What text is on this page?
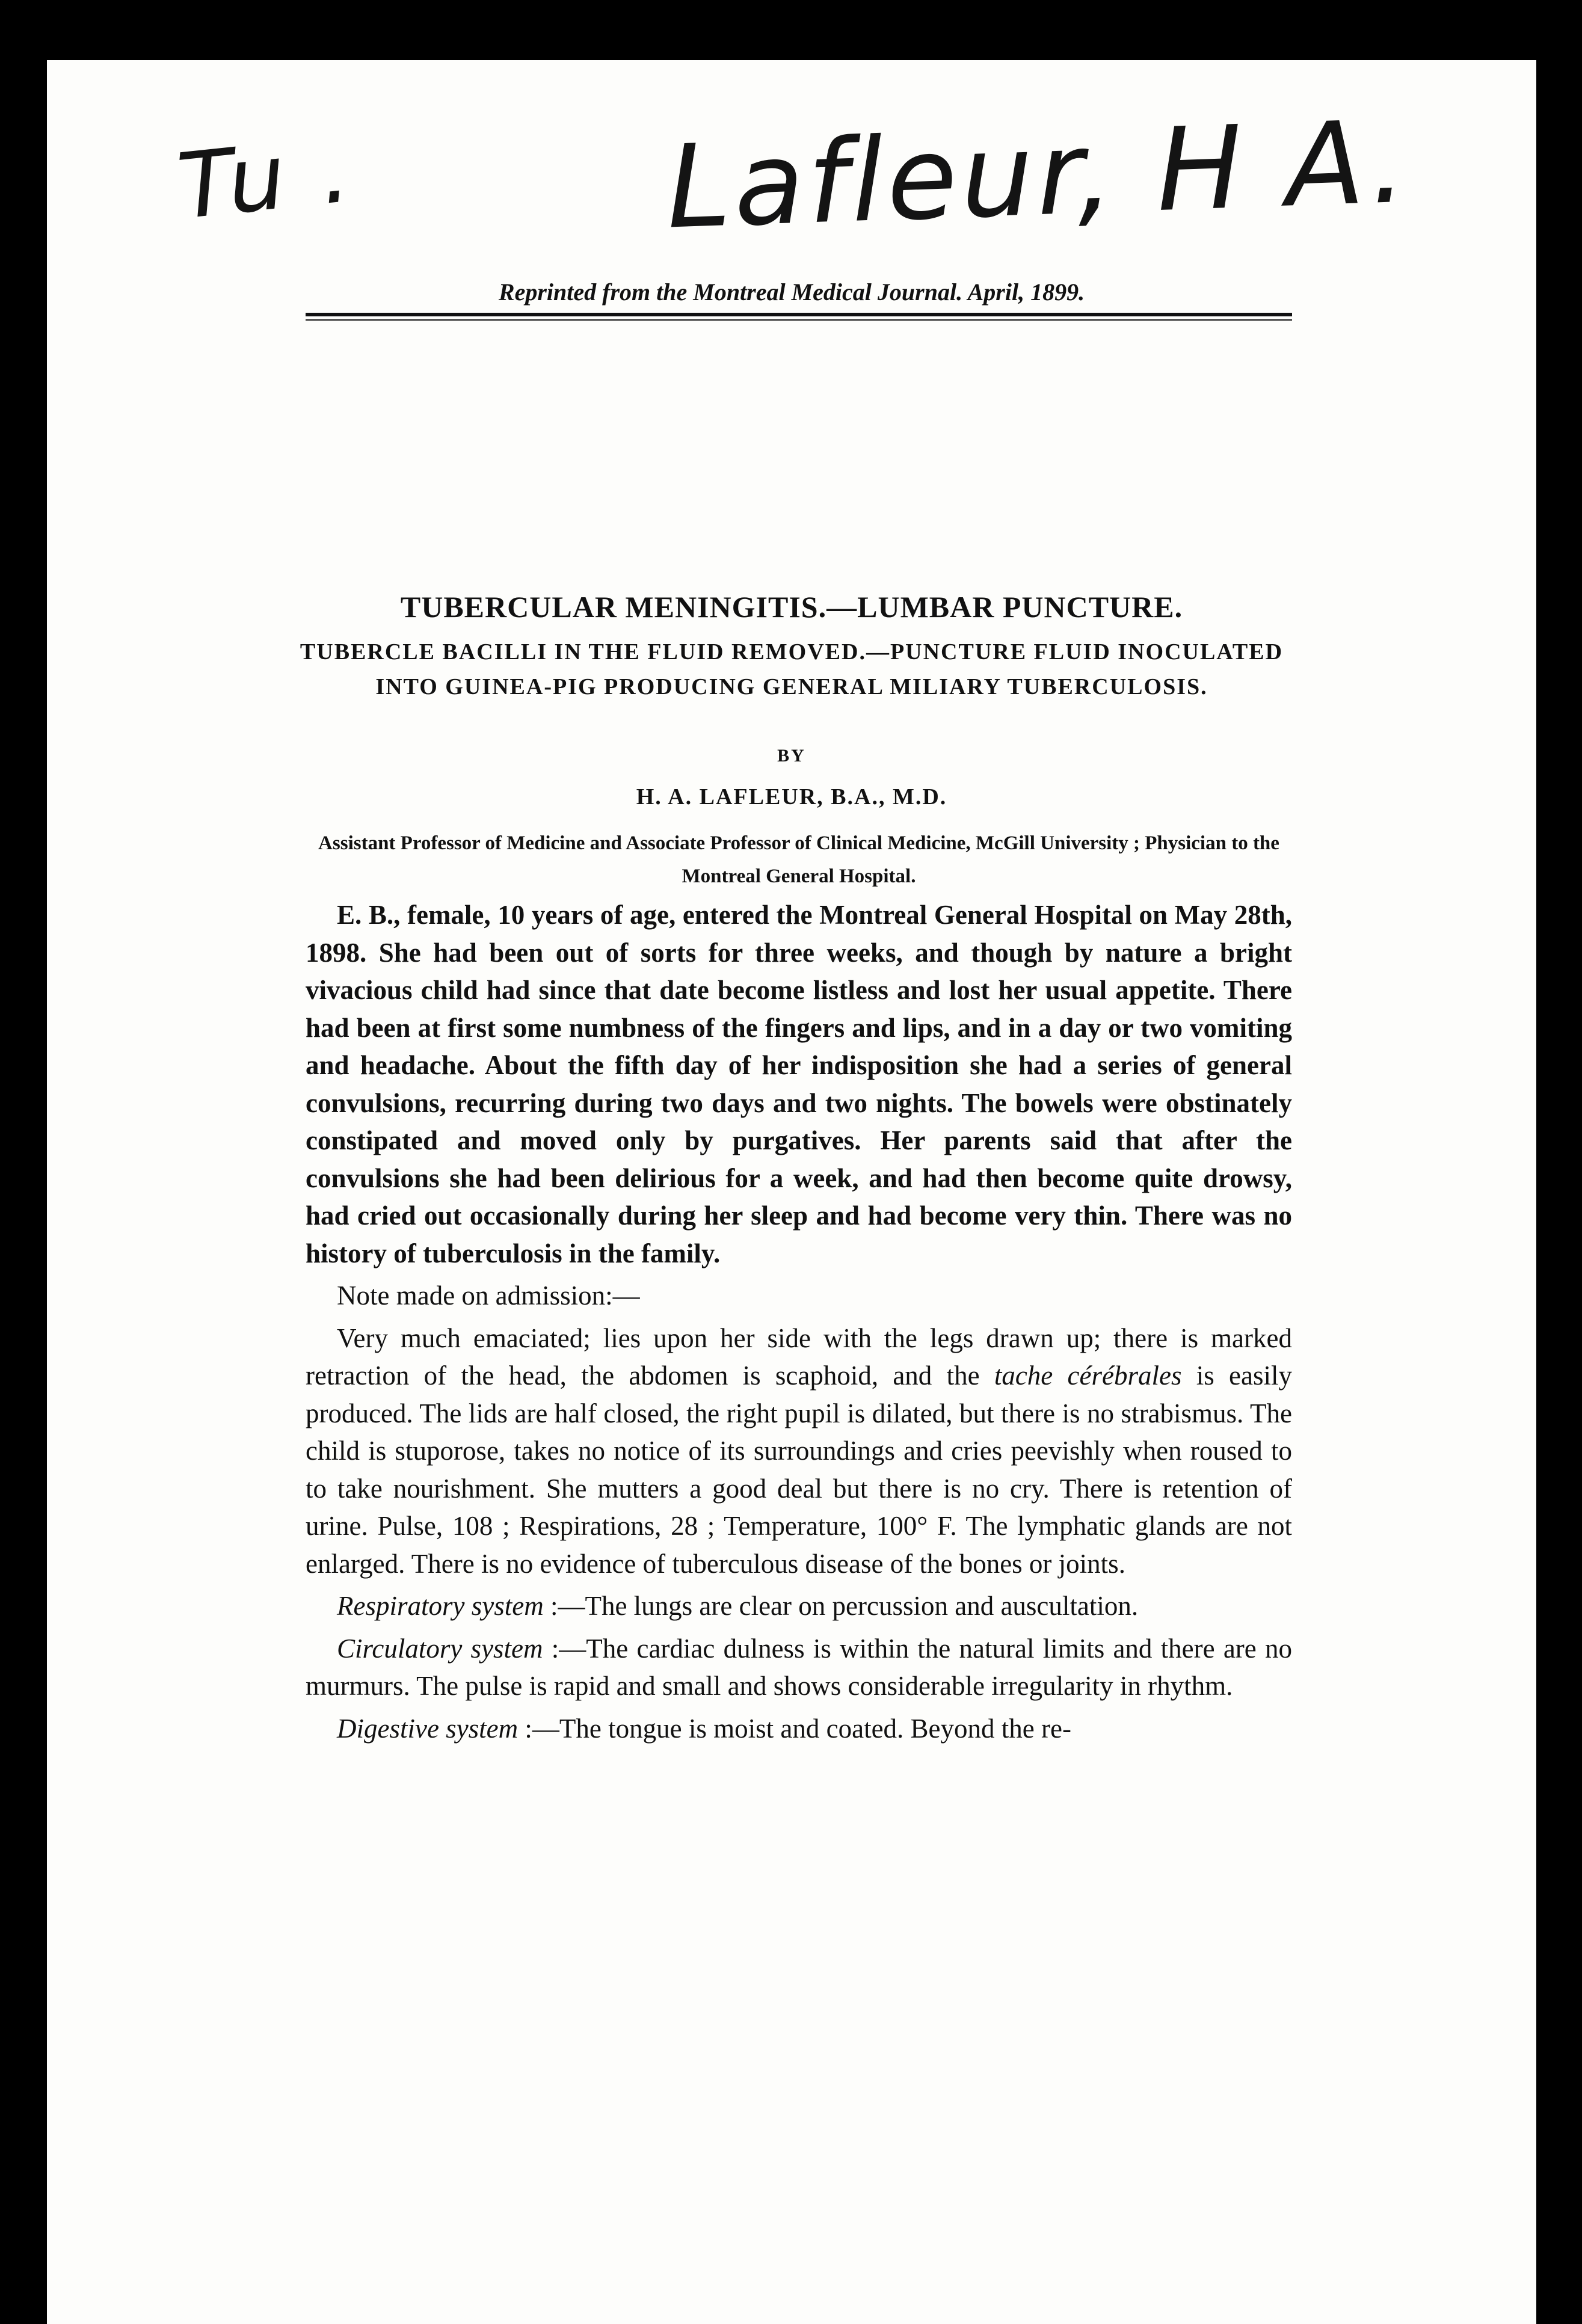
Tu .	Lafleur, H A.
Reprinted from the Montreal Medical Journal. April, 1899.
TUBERCULAR MENINGITIS.—LUMBAR PUNCTURE.
TUBERCLE BACILLI IN THE FLUID REMOVED.—PUNCTURE FLUID INOCULATED INTO GUINEA-PIG PRODUCING GENERAL MILIARY TUBERCULOSIS.
BY
H. A. LAFLEUR, B.A., M.D.
Assistant Professor of Medicine and Associate Professor of Clinical Medicine, McGill University ; Physician to the Montreal General Hospital.

E. B., female, 10 years of age, entered the Montreal General Hospital on May 28th, 1898. She had been out of sorts for three weeks, and though by nature a bright vivacious child had since that date become listless and lost her usual appetite. There had been at first some numbness of the fingers and lips, and in a day or two vomiting and headache. About the fifth day of her indisposition she had a series of general convulsions, recurring during two days and two nights. The bowels were obstinately constipated and moved only by purgatives. Her parents said that after the convulsions she had been delirious for a week, and had then become quite drowsy, had cried out occasionally during her sleep and had become very thin. There was no history of tuberculosis in the family.

Note made on admission:—

Very much emaciated; lies upon her side with the legs drawn up; there is marked retraction of the head, the abdomen is scaphoid, and the tache cérébrales is easily produced. The lids are half closed, the right pupil is dilated, but there is no strabismus. The child is stuporose, takes no notice of its surroundings and cries peevishly when roused to to take nourishment. She mutters a good deal but there is no cry. There is retention of urine. Pulse, 108 ; Respirations, 28 ; Temperature, 100° F. The lymphatic glands are not enlarged. There is no evidence of tuberculous disease of the bones or joints.

Respiratory system :—The lungs are clear on percussion and auscultation.

Circulatory system :—The cardiac dulness is within the natural limits and there are no murmurs. The pulse is rapid and small and shows considerable irregularity in rhythm.

Digestive system :—The tongue is moist and coated. Beyond the re-
